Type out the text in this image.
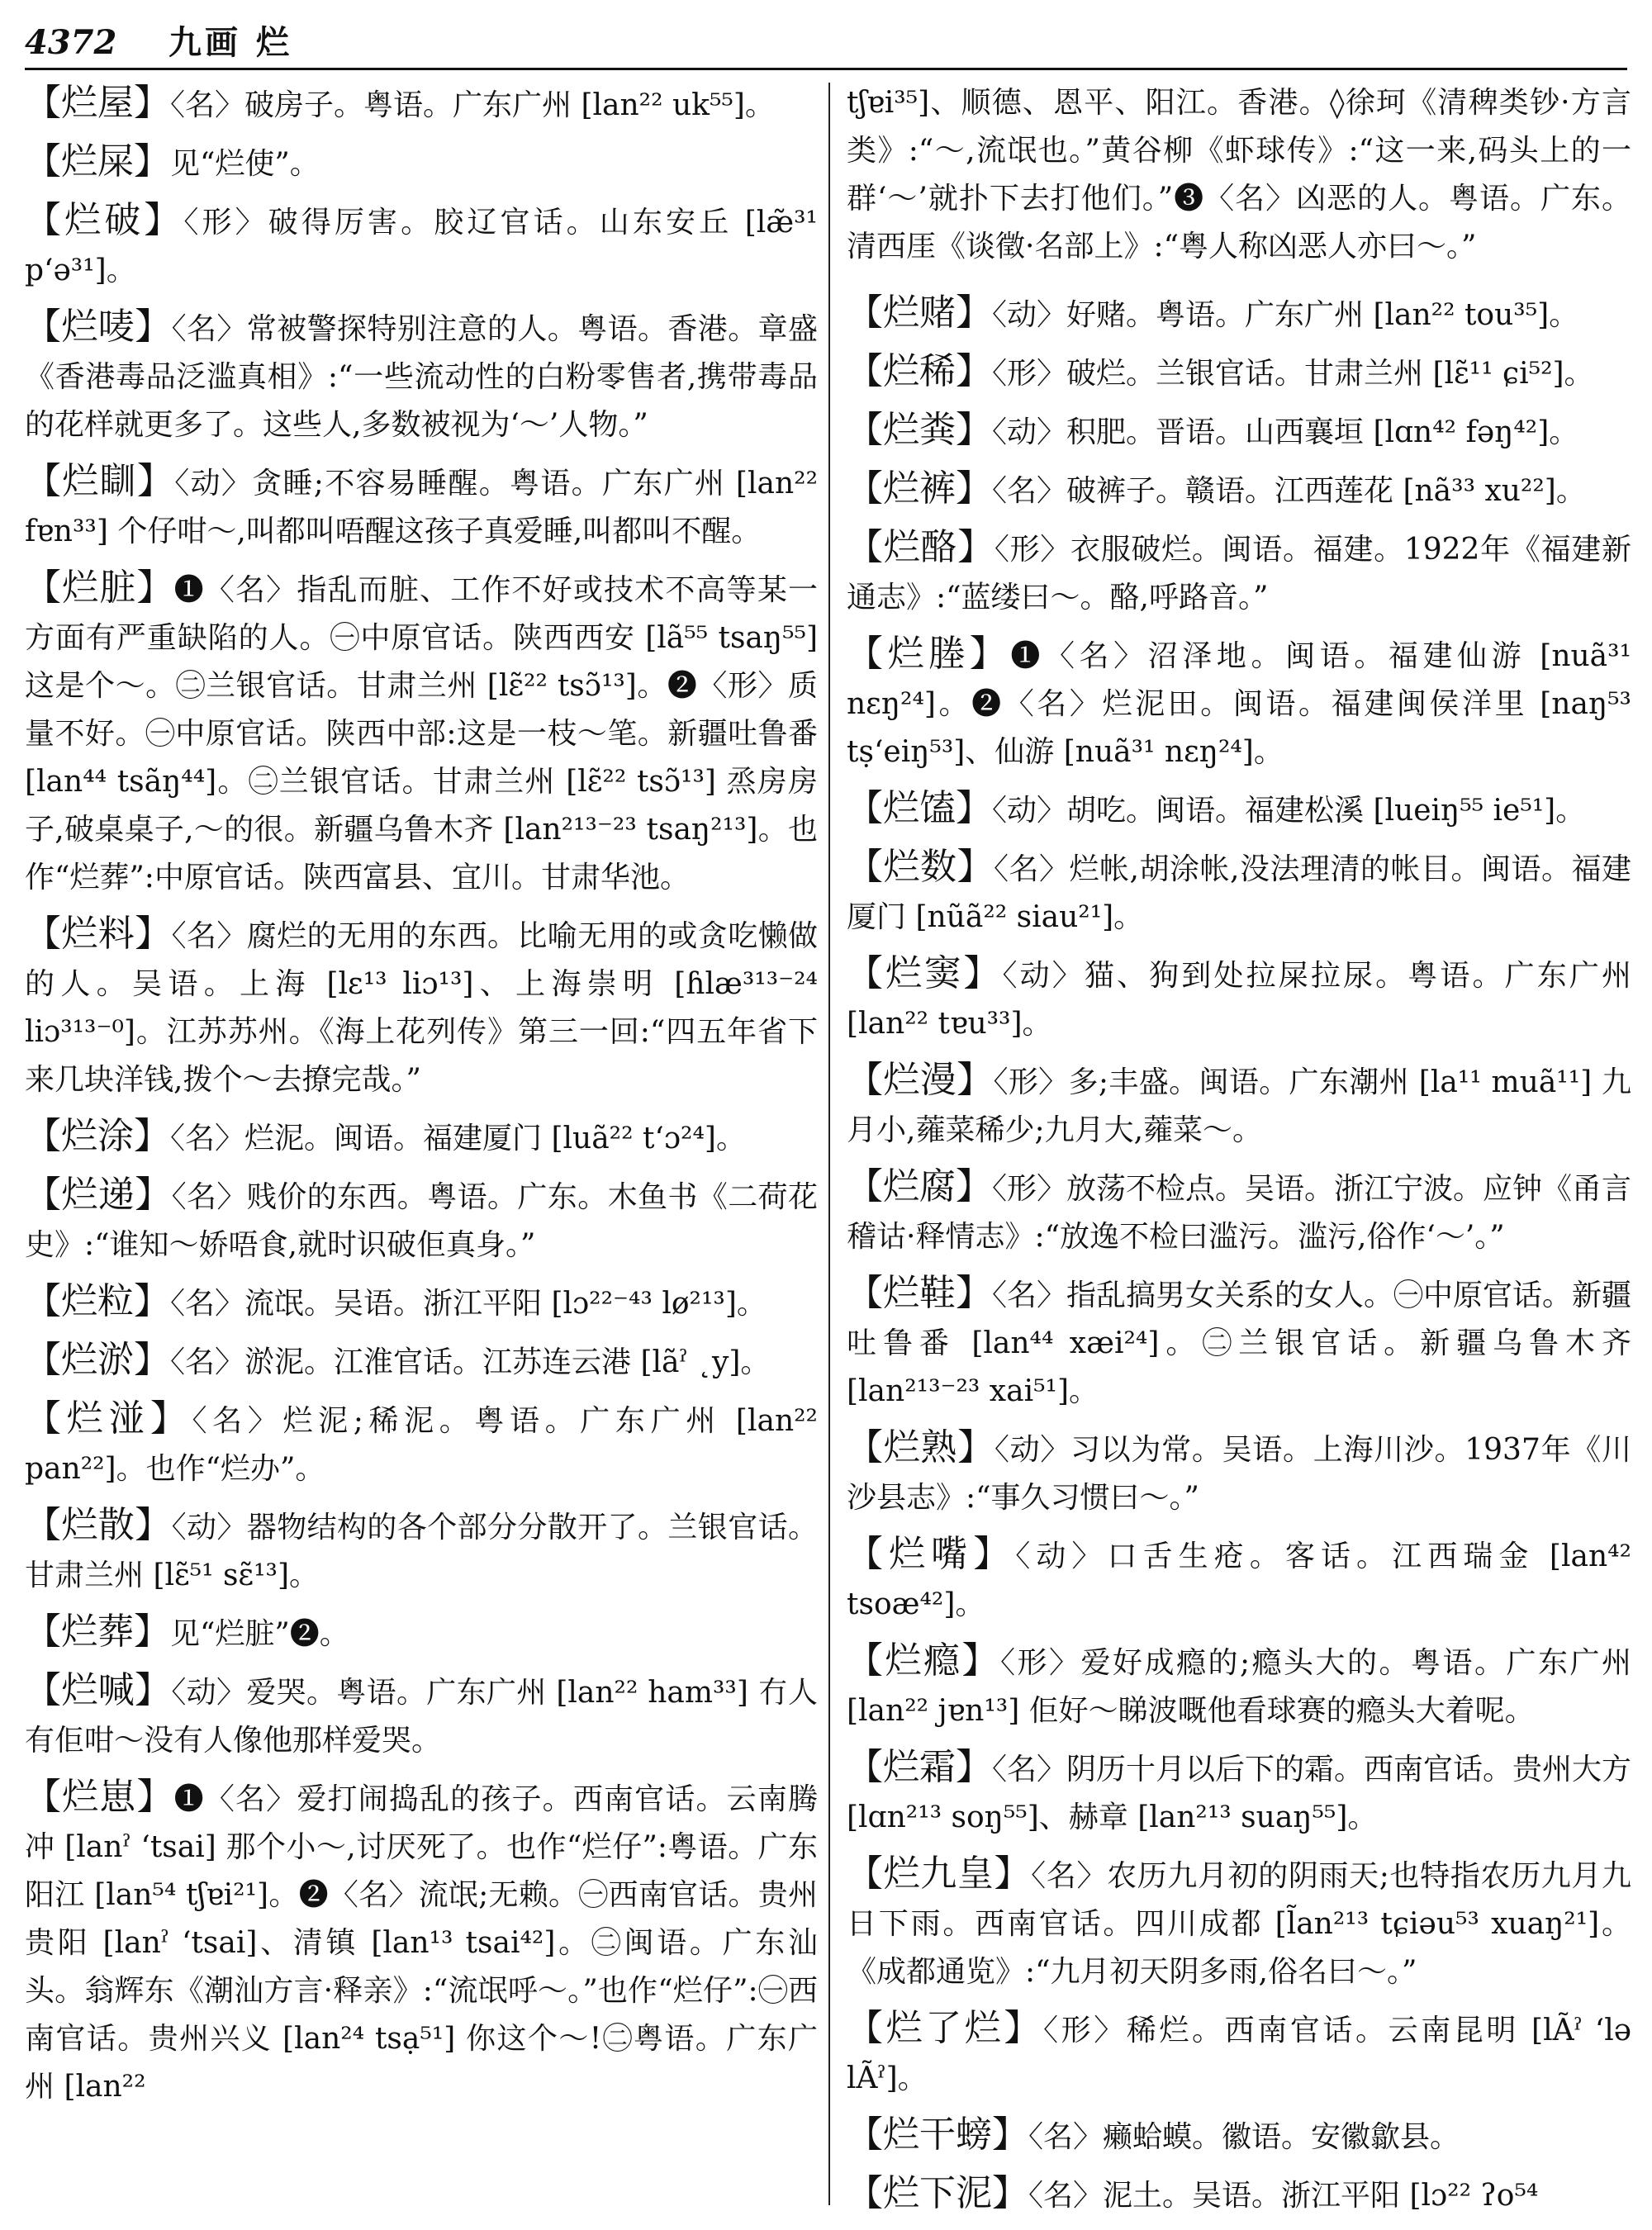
4372 九画 烂
【烂屋】〈名〉破房子。粤语。广东广州 [lan²² uk⁵⁵]。
【烂屎】见“烂使”。
【烂破】〈形〉破得厉害。胶辽官话。山东安丘 [læ̃³¹ p‘ə³¹]。
【烂唛】〈名〉常被警探特别注意的人。粤语。香港。章盛《香港毒品泛滥真相》:“一些流动性的白粉零售者,携带毒品的花样就更多了。这些人,多数被视为‘～’人物。”
【烂瞓】〈动〉贪睡;不容易睡醒。粤语。广东广州 [lan²² fɐn³³] 个仔咁～,叫都叫唔醒这孩子真爱睡,叫都叫不醒。
【烂脏】❶〈名〉指乱而脏、工作不好或技术不高等某一方面有严重缺陷的人。㊀中原官话。陕西西安 [lã⁵⁵ tsaŋ⁵⁵] 这是个～。㊁兰银官话。甘肃兰州 [lɛ̃²² tsɔ̃¹³]。❷〈形〉质量不好。㊀中原官话。陕西中部:这是一枝～笔。新疆吐鲁番 [lan⁴⁴ tsãŋ⁴⁴]。㊁兰银官话。甘肃兰州 [lɛ̃²² tsɔ̃¹³] 烝房房子,破桌桌子,～的很。新疆乌鲁木齐 [lan²¹³⁻²³ tsaŋ²¹³]。也作“烂葬”:中原官话。陕西富县、宜川。甘肃华池。
【烂料】〈名〉腐烂的无用的东西。比喻无用的或贪吃懒做的人。吴语。上海 [lɛ¹³ liɔ¹³]、上海崇明 [ɦlæ³¹³⁻²⁴ liɔ³¹³⁻⁰]。江苏苏州。《海上花列传》第三一回:“四五年省下来几块洋钱,拨个～去撩完哉。”
【烂涂】〈名〉烂泥。闽语。福建厦门 [luã²² t‘ɔ²⁴]。
【烂递】〈名〉贱价的东西。粤语。广东。木鱼书《二荷花史》:“谁知～娇唔食,就时识破佢真身。”
【烂粒】〈名〉流氓。吴语。浙江平阳 [lɔ²²⁻⁴³ lø²¹³]。
【烂淤】〈名〉淤泥。江淮官话。江苏连云港 [lãˀ ˛y]。
【烂湴】〈名〉烂泥;稀泥。粤语。广东广州 [lan²² pan²²]。也作“烂办”。
【烂散】〈动〉器物结构的各个部分分散开了。兰银官话。甘肃兰州 [lɛ̃⁵¹ sɛ̃¹³]。
【烂葬】见“烂脏”❷。
【烂喊】〈动〉爱哭。粤语。广东广州 [lan²² ham³³] 冇人有佢咁～没有人像他那样爱哭。
【烂崽】❶〈名〉爱打闹捣乱的孩子。西南官话。云南腾冲 [lanˀ ‘tsai] 那个小～,讨厌死了。也作“烂仔”:粤语。广东阳江 [lan⁵⁴ tʃɐi²¹]。❷〈名〉流氓;无赖。㊀西南官话。贵州贵阳 [lanˀ ‘tsai]、清镇 [lan¹³ tsai⁴²]。㊁闽语。广东汕头。翁辉东《潮汕方言·释亲》:“流氓呼～。”也作“烂仔”:㊀西南官话。贵州兴义 [lan²⁴ tsạ⁵¹] 你这个～!㊁粤语。广东广州 [lan²²
tʃɐi³⁵]、顺德、恩平、阳江。香港。◊徐珂《清稗类钞·方言类》:“～,流氓也。”黄谷柳《虾球传》:“这一来,码头上的一群‘～’就扑下去打他们。”❸〈名〉凶恶的人。粤语。广东。清西厓《谈徵·名部上》:“粤人称凶恶人亦曰～。”
【烂赌】〈动〉好赌。粤语。广东广州 [lan²² tou³⁵]。
【烂稀】〈形〉破烂。兰银官话。甘肃兰州 [lɛ̃¹¹ ɕi⁵²]。
【烂粪】〈动〉积肥。晋语。山西襄垣 [lɑn⁴² fəŋ⁴²]。
【烂裤】〈名〉破裤子。赣语。江西莲花 [nã³³ xu²²]。
【烂酪】〈形〉衣服破烂。闽语。福建。1922年《福建新通志》:“蓝缕曰～。酪,呼路音。”
【烂塍】❶〈名〉沼泽地。闽语。福建仙游 [nuã³¹ nɛŋ²⁴]。❷〈名〉烂泥田。闽语。福建闽侯洋里 [naŋ⁵³ tṣ‘eiŋ⁵³]、仙游 [nuã³¹ nɛŋ²⁴]。
【烂馌】〈动〉胡吃。闽语。福建松溪 [lueiŋ⁵⁵ ie⁵¹]。
【烂数】〈名〉烂帐,胡涂帐,没法理清的帐目。闽语。福建厦门 [nũã²² siau²¹]。
【烂窦】〈动〉猫、狗到处拉屎拉尿。粤语。广东广州 [lan²² tɐu³³]。
【烂漫】〈形〉多;丰盛。闽语。广东潮州 [la¹¹ muã¹¹] 九月小,蕹菜稀少;九月大,蕹菜～。
【烂腐】〈形〉放荡不检点。吴语。浙江宁波。应钟《甬言稽诂·释情志》:“放逸不检曰滥污。滥污,俗作‘～’。”
【烂鞋】〈名〉指乱搞男女关系的女人。㊀中原官话。新疆吐鲁番 [lan⁴⁴ xæi²⁴]。㊁兰银官话。新疆乌鲁木齐 [lan²¹³⁻²³ xai⁵¹]。
【烂熟】〈动〉习以为常。吴语。上海川沙。1937年《川沙县志》:“事久习惯曰～。”
【烂嘴】〈动〉口舌生疮。客话。江西瑞金 [lan⁴² tsoæ⁴²]。
【烂瘾】〈形〉爱好成瘾的;瘾头大的。粤语。广东广州 [lan²² jɐn¹³] 佢好～睇波嘅他看球赛的瘾头大着呢。
【烂霜】〈名〉阴历十月以后下的霜。西南官话。贵州大方 [lɑn²¹³ soŋ⁵⁵]、赫章 [lan²¹³ suaŋ⁵⁵]。
【烂九皇】〈名〉农历九月初的阴雨天;也特指农历九月九日下雨。西南官话。四川成都 [l̃an²¹³ tɕiəu⁵³ xuaŋ²¹]。《成都通览》:“九月初天阴多雨,俗名曰～。”
【烂了烂】〈形〉稀烂。西南官话。云南昆明 [lÃˀ ‘lə lÃˀ]。
【烂干螃】〈名〉癞蛤蟆。徽语。安徽歙县。
【烂下泥】〈名〉泥土。吴语。浙江平阳 [lɔ²² ʔo⁵⁴
